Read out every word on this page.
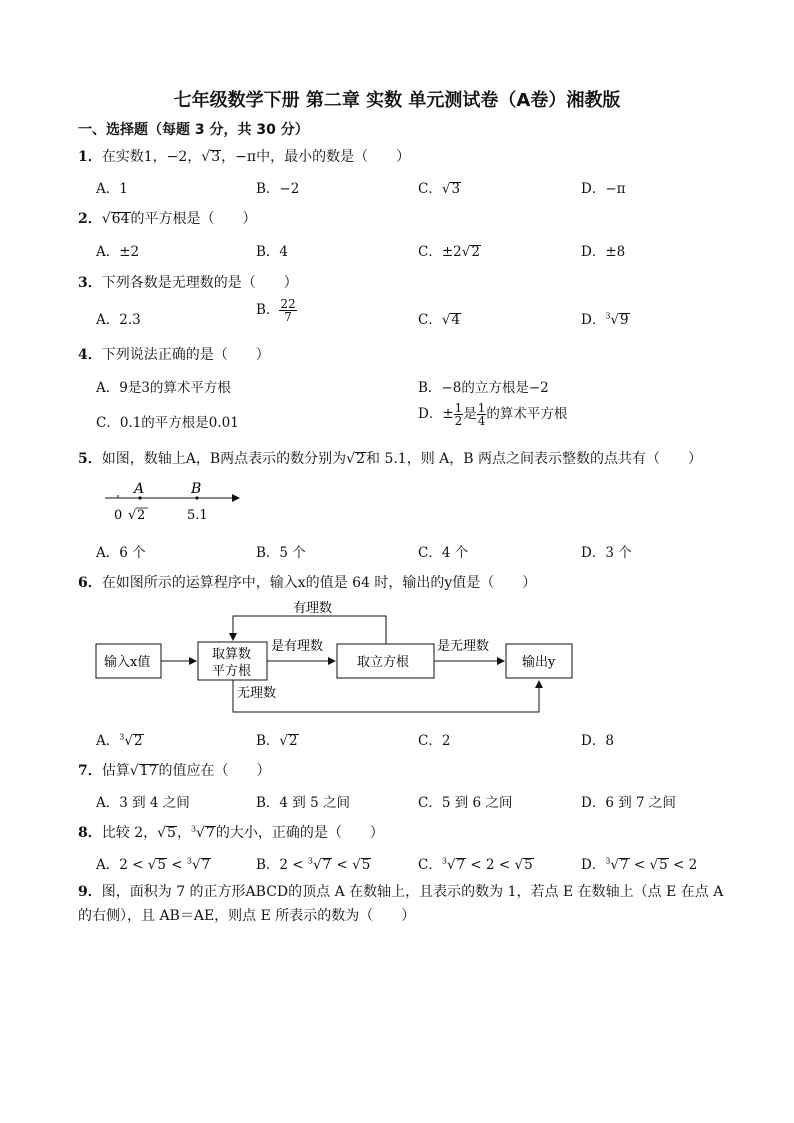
七年级数学下册 第二章 实数 单元测试卷（A卷）湘教版
一、选择题（每题 3 分，共 30 分）
1．在实数1，−2，√3，−π中，最小的数是（　　）
A．1	B．−2	C．√3	D．−π
2．√64的平方根是（　　）
A．±2	B．4	C．±2√2	D．±8
3．下列各数是无理数的是（　　）
A．2.3
B． $\frac{22}{7}$	C．√4	D．$^3$√9
4．下列说法正确的是（　　）
A．9是3的算术平方根	B．−8的立方根是−2
C．0.1的平方根是0.01
D．± $\frac{1}{2}$ 是 $\frac{1}{4}$ 的算术平方根
5．如图，数轴上A，B两点表示的数分别为√2和 5.1，则 A，B 两点之间表示整数的点共有（　　）
A	B
0 √ 2	5.1
A．6 个	B．5 个	C．4 个	D．3 个
6．在如图所示的运算程序中，输入x的值是 64 时，输出的y值是（　　）
输入x值
取算数
平方根
是有理数
取立方根
是无理数
输出y
有理数
无理数
A．$^3$√2	B．√2	C．2	D．8
7．估算√17的值应在（　　）
A．3 到 4 之间	B．4 到 5 之间	C．5 到 6 之间	D．6 到 7 之间
8．比较 2，√5，$^3$√7的大小，正确的是（　　）
A．2 < √5 < $^3$√7	B．2 < $^3$√7 < √5	C．$^3$√7 < 2 < √5	D．$^3$√7 < √5 < 2
9．图，面积为 7 的正方形ABCD的顶点 A 在数轴上，且表示的数为 1，若点 E 在数轴上（点 E 在点 A 的右侧），且 AB＝AE，则点 E 所表示的数为（　　）
